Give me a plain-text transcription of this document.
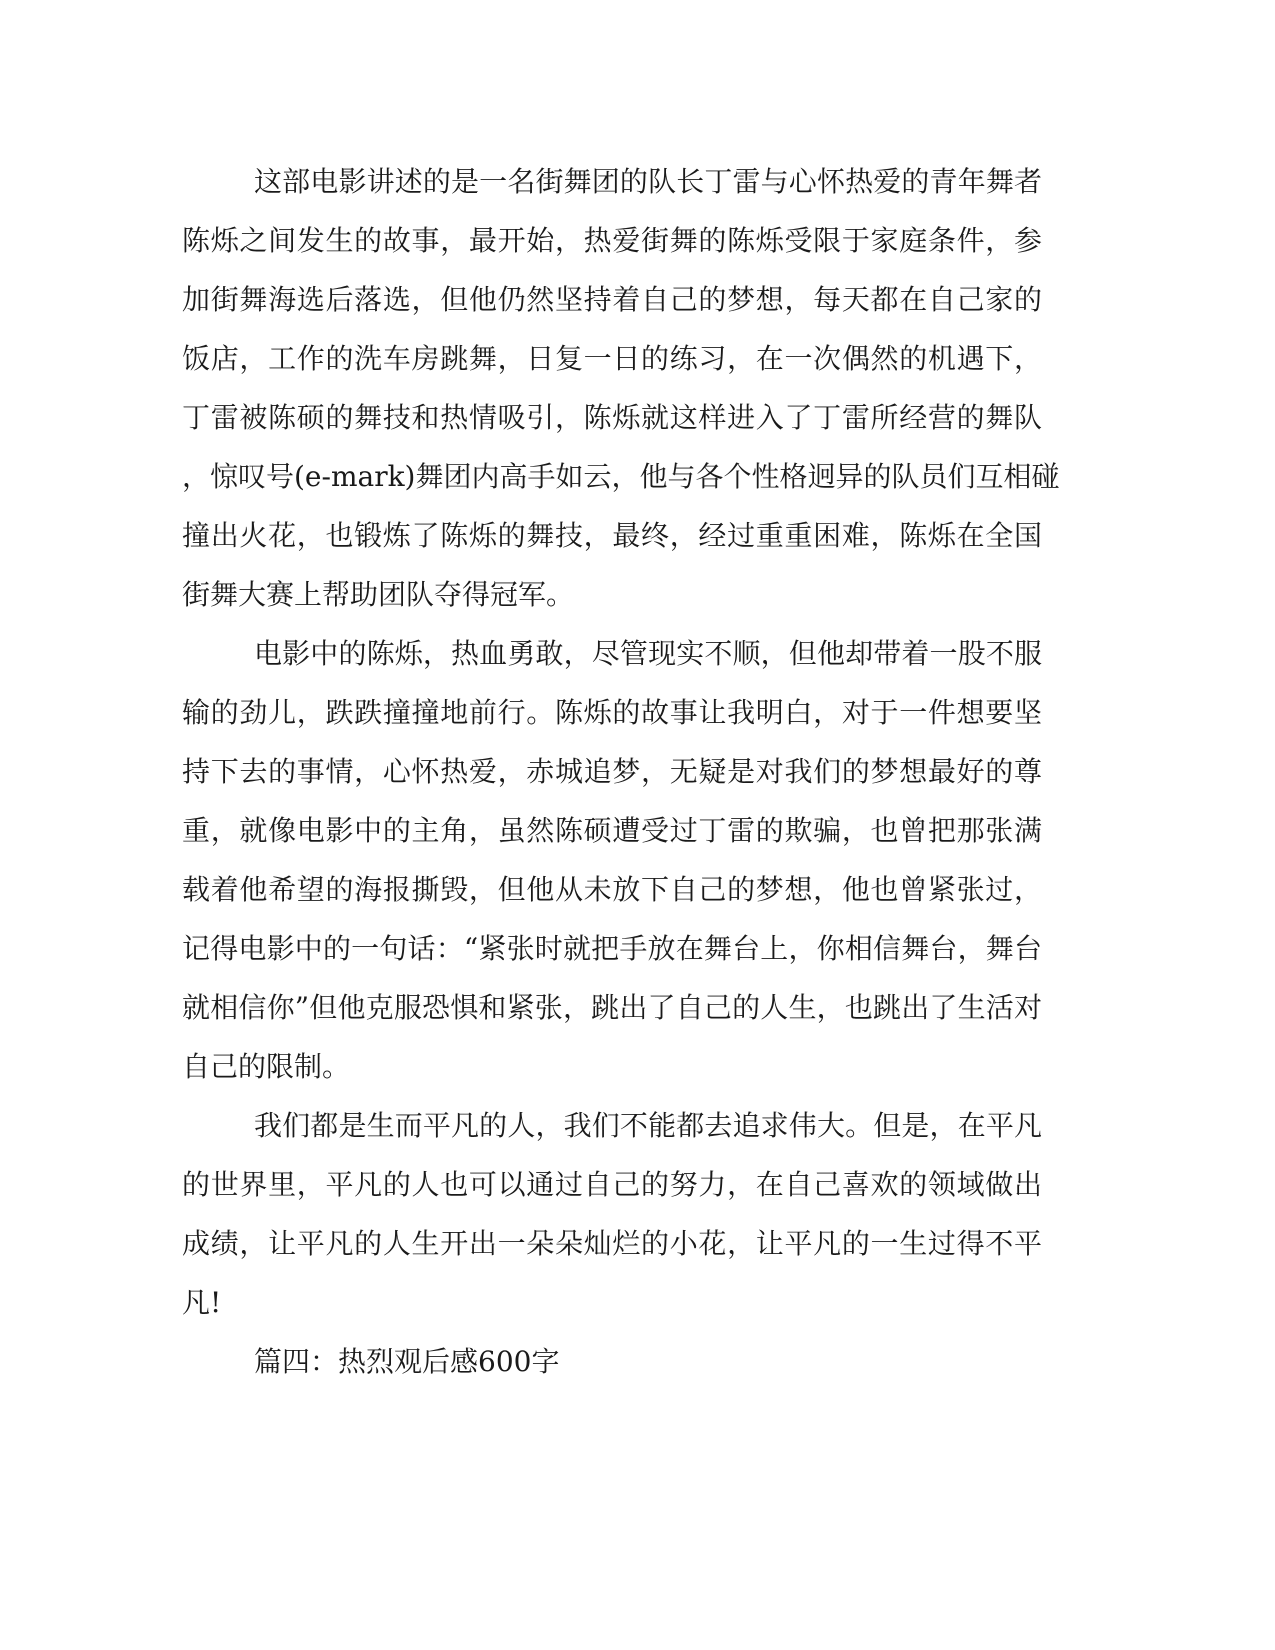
这部电影讲述的是一名街舞团的队长丁雷与心怀热爱的青年舞者
陈烁之间发生的故事，最开始，热爱街舞的陈烁受限于家庭条件，参
加街舞海选后落选，但他仍然坚持着自己的梦想，每天都在自己家的
饭店，工作的洗车房跳舞，日复一日的练习，在一次偶然的机遇下，
丁雷被陈硕的舞技和热情吸引，陈烁就这样进入了丁雷所经营的舞队
，惊叹号(e-mark)舞团内高手如云，他与各个性格迥异的队员们互相碰
撞出火花，也锻炼了陈烁的舞技，最终，经过重重困难，陈烁在全国
街舞大赛上帮助团队夺得冠军。
电影中的陈烁，热血勇敢，尽管现实不顺，但他却带着一股不服
输的劲儿，跌跌撞撞地前行。陈烁的故事让我明白，对于一件想要坚
持下去的事情，心怀热爱，赤城追梦，无疑是对我们的梦想最好的尊
重，就像电影中的主角，虽然陈硕遭受过丁雷的欺骗，也曾把那张满
载着他希望的海报撕毁，但他从未放下自己的梦想，他也曾紧张过，
记得电影中的一句话：“紧张时就把手放在舞台上，你相信舞台，舞台
就相信你”但他克服恐惧和紧张，跳出了自己的人生，也跳出了生活对
自己的限制。
我们都是生而平凡的人，我们不能都去追求伟大。但是，在平凡
的世界里，平凡的人也可以通过自己的努力，在自己喜欢的领域做出
成绩，让平凡的人生开出一朵朵灿烂的小花，让平凡的一生过得不平
凡!
篇四：热烈观后感600字
